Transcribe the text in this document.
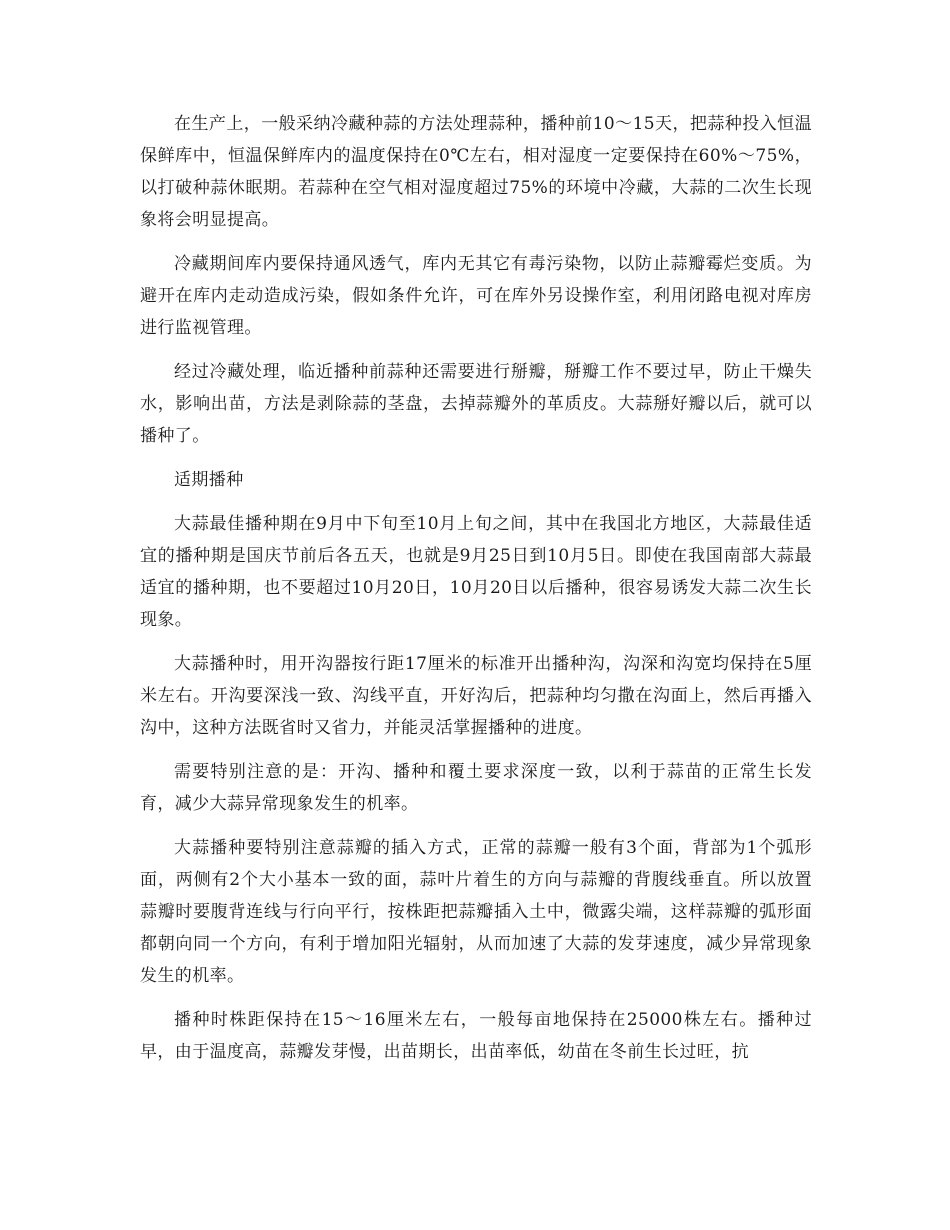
在生产上，一般采纳冷藏种蒜的方法处理蒜种，播种前10～15天，把蒜种投入恒温保鲜库中，恒温保鲜库内的温度保持在0℃左右，相对湿度一定要保持在60%～75%，以打破种蒜休眠期。若蒜种在空气相对湿度超过75%的环境中冷藏，大蒜的二次生长现象将会明显提高。

冷藏期间库内要保持通风透气，库内无其它有毒污染物，以防止蒜瓣霉烂变质。为避开在库内走动造成污染，假如条件允许，可在库外另设操作室，利用闭路电视对库房进行监视管理。

经过冷藏处理，临近播种前蒜种还需要进行掰瓣，掰瓣工作不要过早，防止干燥失水，影响出苗，方法是剥除蒜的茎盘，去掉蒜瓣外的革质皮。大蒜掰好瓣以后，就可以播种了。

适期播种

大蒜最佳播种期在9月中下旬至10月上旬之间，其中在我国北方地区，大蒜最佳适宜的播种期是国庆节前后各五天，也就是9月25日到10月5日。即使在我国南部大蒜最适宜的播种期，也不要超过10月20日，10月20日以后播种，很容易诱发大蒜二次生长现象。

大蒜播种时，用开沟器按行距17厘米的标准开出播种沟，沟深和沟宽均保持在5厘米左右。开沟要深浅一致、沟线平直，开好沟后，把蒜种均匀撒在沟面上，然后再播入沟中，这种方法既省时又省力，并能灵活掌握播种的进度。

需要特别注意的是：开沟、播种和覆土要求深度一致，以利于蒜苗的正常生长发育，减少大蒜异常现象发生的机率。

大蒜播种要特别注意蒜瓣的插入方式，正常的蒜瓣一般有3个面，背部为1个弧形面，两侧有2个大小基本一致的面，蒜叶片着生的方向与蒜瓣的背腹线垂直。所以放置蒜瓣时要腹背连线与行向平行，按株距把蒜瓣插入土中，微露尖端，这样蒜瓣的弧形面都朝向同一个方向，有利于增加阳光辐射，从而加速了大蒜的发芽速度，减少异常现象发生的机率。

播种时株距保持在15～16厘米左右，一般每亩地保持在25000株左右。播种过早，由于温度高，蒜瓣发芽慢，出苗期长，出苗率低，幼苗在冬前生长过旺，抗
